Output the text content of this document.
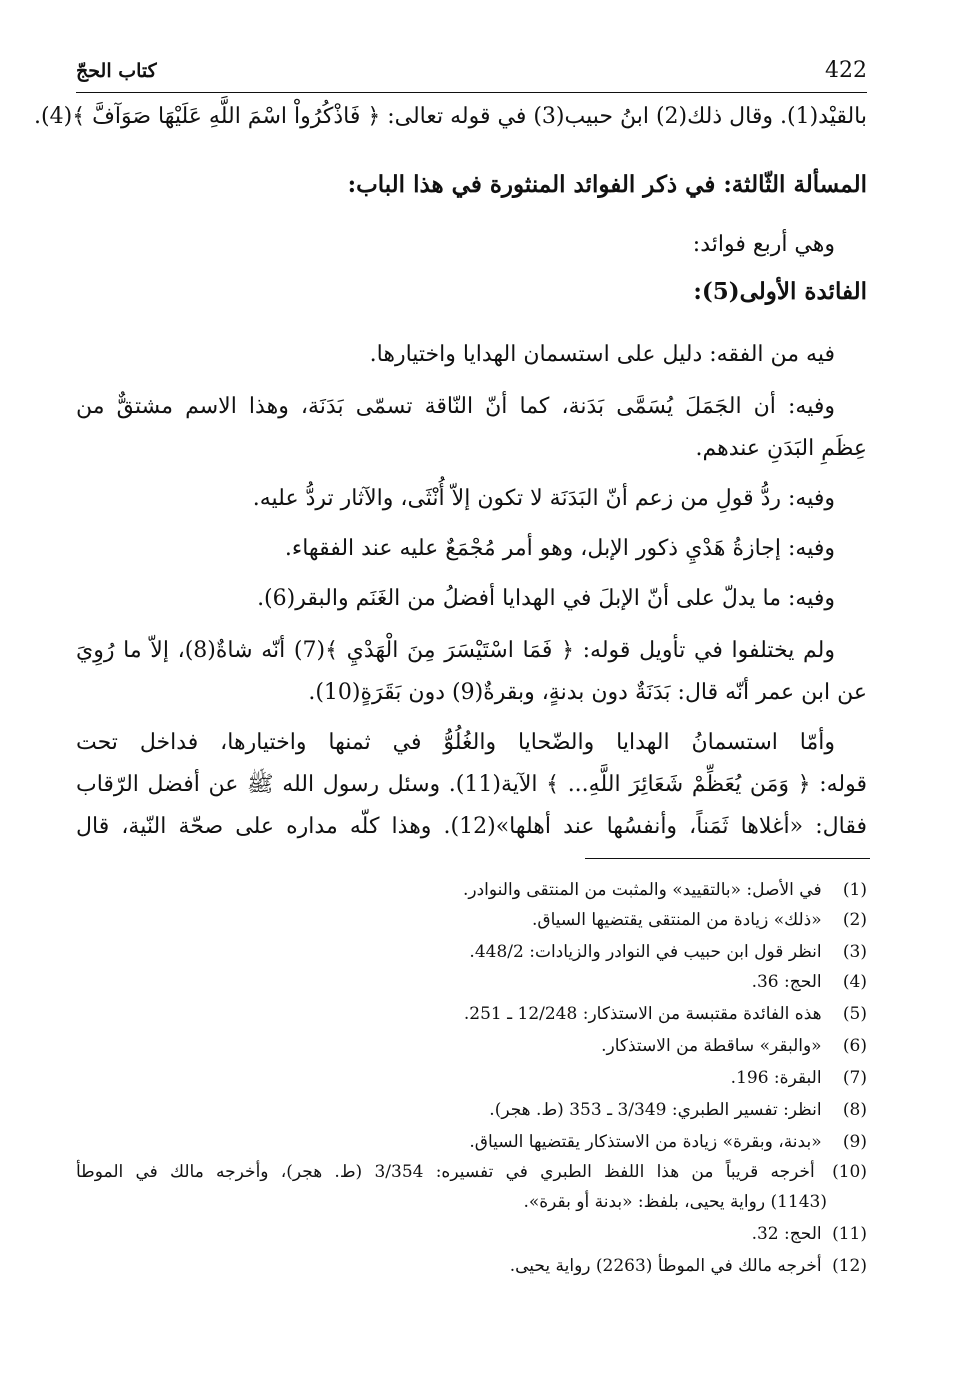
422
كتاب الحجّ
بالقيْد(1). وقال ذلك(2) ابنُ حبيب(3) في قوله تعالى: ﴿ فَاذْكُرُواْ اسْمَ اللَّهِ عَلَيْهَا صَوَآفَّ ﴾(4).
المسألة الثّالثة: في ذكر الفوائد المنثورة في هذا الباب:
وهي أربع فوائد:
الفائدة الأولى(5):
فيه من الفقه: دليل على استسمان الهدايا واختيارها.
وفيه: أن الجَمَلَ يُسَمَّى بَدَنة، كما أنّ النّاقة تسمّى بَدَنَة، وهذا الاسم مشتقٌّ من
عِظَمِ البَدَنِ عندهم.
وفيه: ردُّ قولِ من زعم أنّ البَدَنَة لا تكون إلاّ أُنْثَى، والآثار تردُّ عليه.
وفيه: إجازةُ هَدْيِ ذكور الإبل، وهو أمر مُجْمَعٌ عليه عند الفقهاء.
وفيه: ما يدلّ على أنّ الإبلَ في الهدايا أفضلُ من الغَنَم والبقر(6).
ولم يختلفوا في تأويل قوله: ﴿ فَمَا اسْتَيْسَرَ مِنَ الْهَدْيِ ﴾(7) أنّه شاةٌ(8)، إلاّ ما رُوِيَ
عن ابن عمر أنّه قال: بَدَنَةٌ دون بدنةٍ، وبقرةٌ(9) دون بَقَرَةٍ(10).
وأمّا استسمانُ الهدايا والضّحايا والغُلُوُّ في ثمنها واختيارها، فداخل تحت
قوله: ﴿ وَمَن يُعَظِّمْ شَعَائِرَ اللَّهِ... ﴾ الآية(11). وسئل رسول الله ﷺ عن أفضل الرّقاب
فقال: «أغلاها ثَمَناً، وأنفسُها عند أهلها»(12). وهذا كلّه مداره على صحّة النّية، قال
(1) في الأصل: «بالتقييد» والمثبت من المنتقى والنوادر.
(2) «ذلك» زيادة من المنتقى يقتضيها السياق.
(3) انظر قول ابن حبيب في النوادر والزيادات: 448/2.
(4) الحج: 36.
(5) هذه الفائدة مقتبسة من الاستذكار: 12/248 ـ 251.
(6) «والبقر» ساقطة من الاستذكار.
(7) البقرة: 196.
(8) انظر: تفسير الطبري: 3/349 ـ 353 (ط. هجر).
(9) «بدنة، وبقرة» زيادة من الاستذكار يقتضيها السياق.
(10) أخرجه قريباً من هذا اللفظ الطبري في تفسيره: 3/354 (ط. هجر)، وأخرجه مالك في الموطأ
(1143) رواية يحيى، بلفظ: «بدنة أو بقرة».
(11) الحج: 32.
(12) أخرجه مالك في الموطأ (2263) رواية يحيى.
